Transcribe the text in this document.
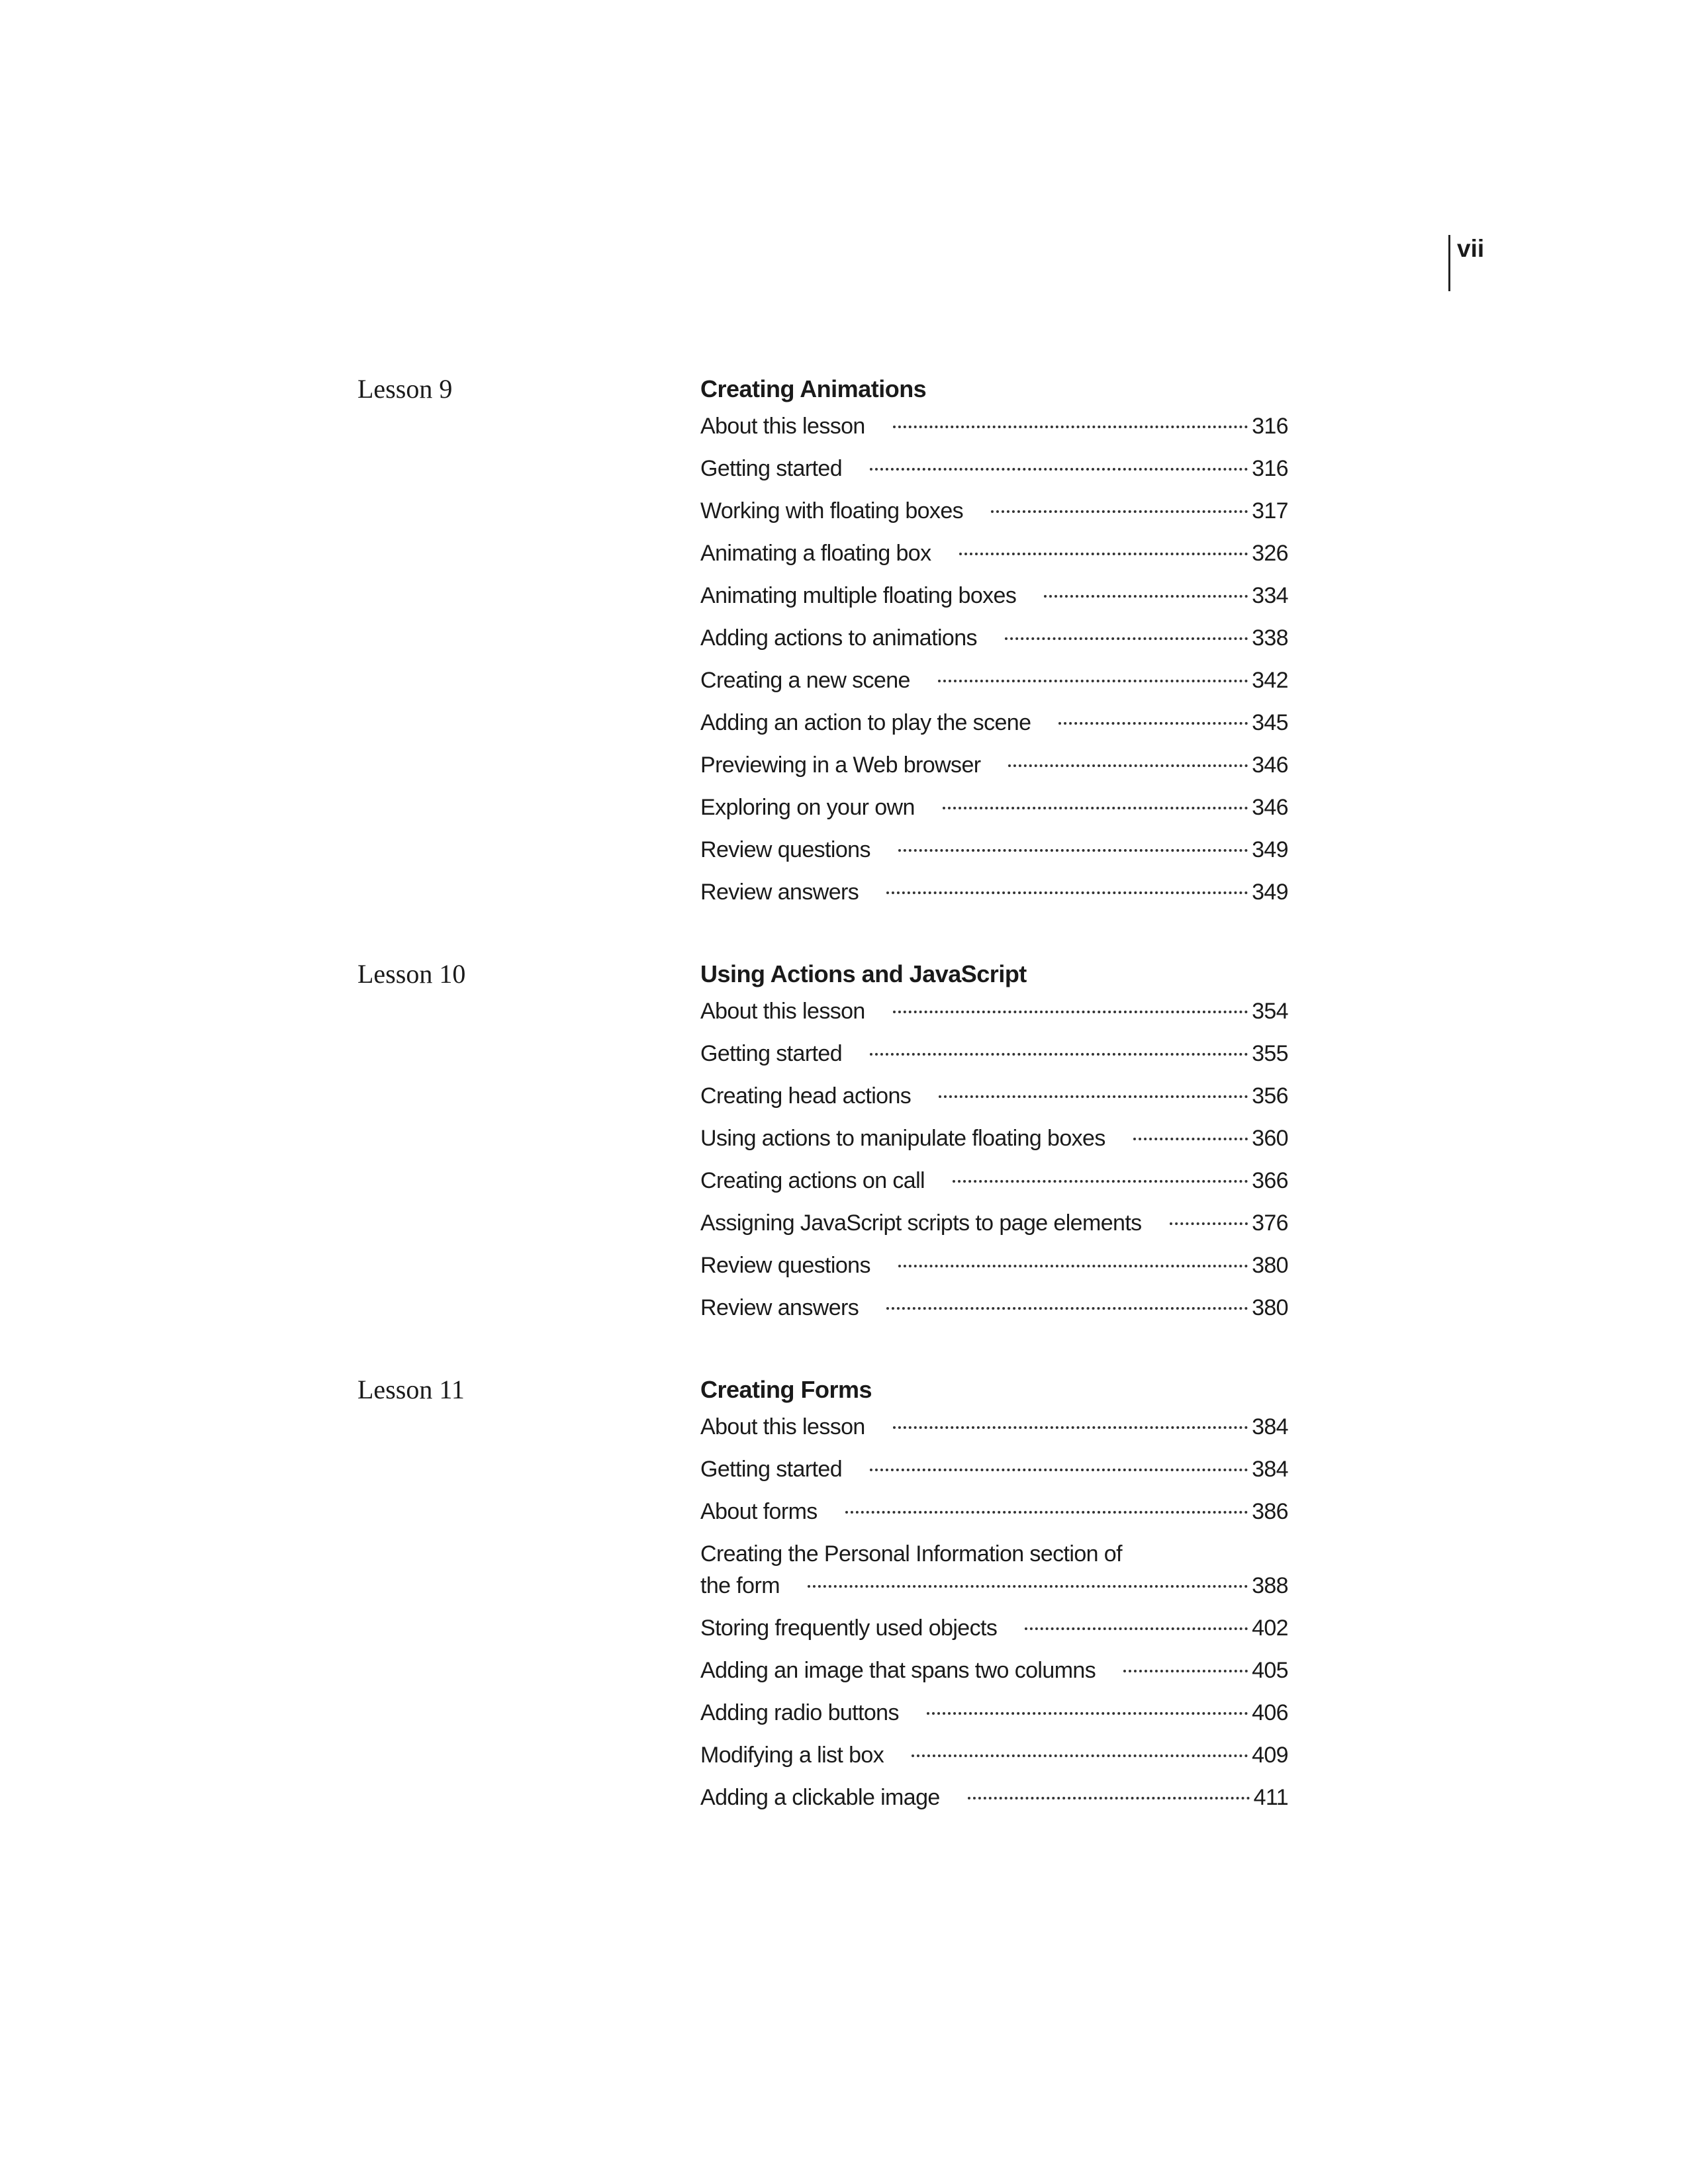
vii
Lesson 9	Creating Animations
About this lesson	316
Getting started	316
Working with floating boxes	317
Animating a floating box	326
Animating multiple floating boxes	334
Adding actions to animations	338
Creating a new scene	342
Adding an action to play the scene	345
Previewing in a Web browser	346
Exploring on your own	346
Review questions	349
Review answers	349
Lesson 10	Using Actions and JavaScript
About this lesson	354
Getting started	355
Creating head actions	356
Using actions to manipulate floating boxes	360
Creating actions on call	366
Assigning JavaScript scripts to page elements	376
Review questions	380
Review answers	380
Lesson 11	Creating Forms
About this lesson	384
Getting started	384
About forms	386
Creating the Personal Information section of
the form	388
Storing frequently used objects	402
Adding an image that spans two columns	405
Adding radio buttons	406
Modifying a list box	409
Adding a clickable image	411
